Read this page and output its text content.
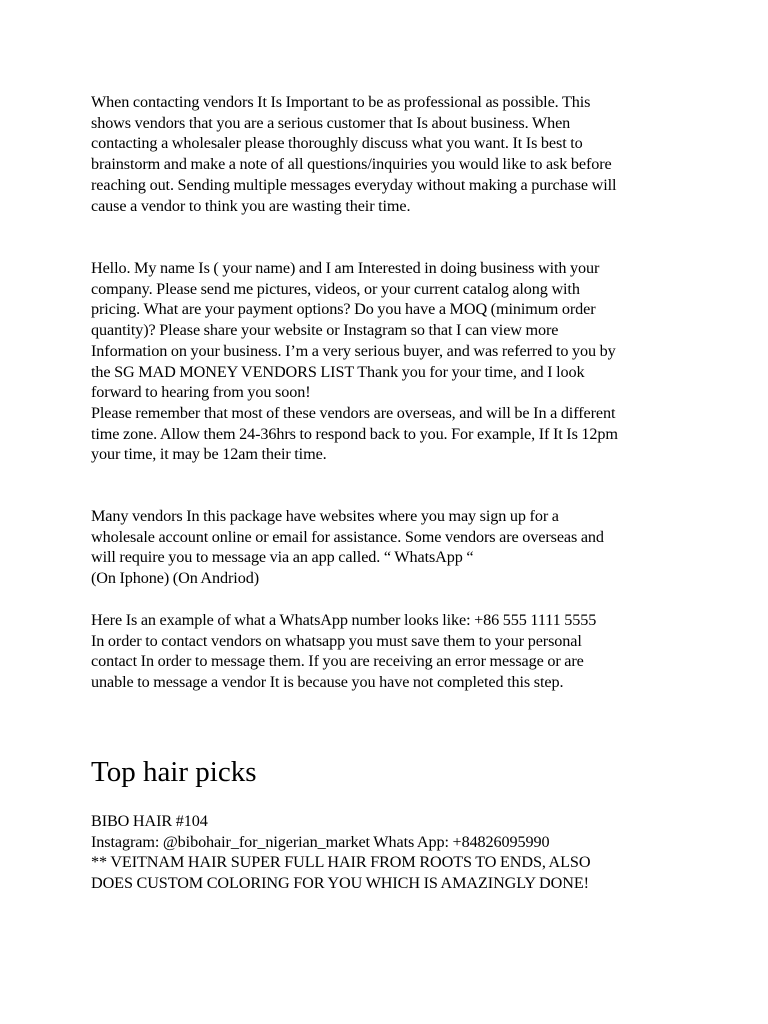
When contacting vendors It Is Important to be as professional as possible. This
shows vendors that you are a serious customer that Is about business. When
contacting a wholesaler please thoroughly discuss what you want. It Is best to
brainstorm and make a note of all questions/inquiries you would like to ask before
reaching out. Sending multiple messages everyday without making a purchase will
cause a vendor to think you are wasting their time.
Hello. My name Is ( your name) and I am Interested in doing business with your
company. Please send me pictures, videos, or your current catalog along with
pricing. What are your payment options? Do you have a MOQ (minimum order
quantity)? Please share your website or Instagram so that I can view more
Information on your business. I’m a very serious buyer, and was referred to you by
the SG MAD MONEY VENDORS LIST Thank you for your time, and I look
forward to hearing from you soon!
Please remember that most of these vendors are overseas, and will be In a different
time zone. Allow them 24-36hrs to respond back to you. For example, If It Is 12pm
your time, it may be 12am their time.
Many vendors In this package have websites where you may sign up for a
wholesale account online or email for assistance. Some vendors are overseas and
will require you to message via an app called. “ WhatsApp “
(On Iphone) (On Andriod)
Here Is an example of what a WhatsApp number looks like: +86 555 1111 5555
In order to contact vendors on whatsapp you must save them to your personal
contact In order to message them. If you are receiving an error message or are
unable to message a vendor It is because you have not completed this step.
Top hair picks
BIBO HAIR #104
Instagram: @bibohair_for_nigerian_market Whats App: +84826095990
** VEITNAM HAIR SUPER FULL HAIR FROM ROOTS TO ENDS, ALSO
DOES CUSTOM COLORING FOR YOU WHICH IS AMAZINGLY DONE!
